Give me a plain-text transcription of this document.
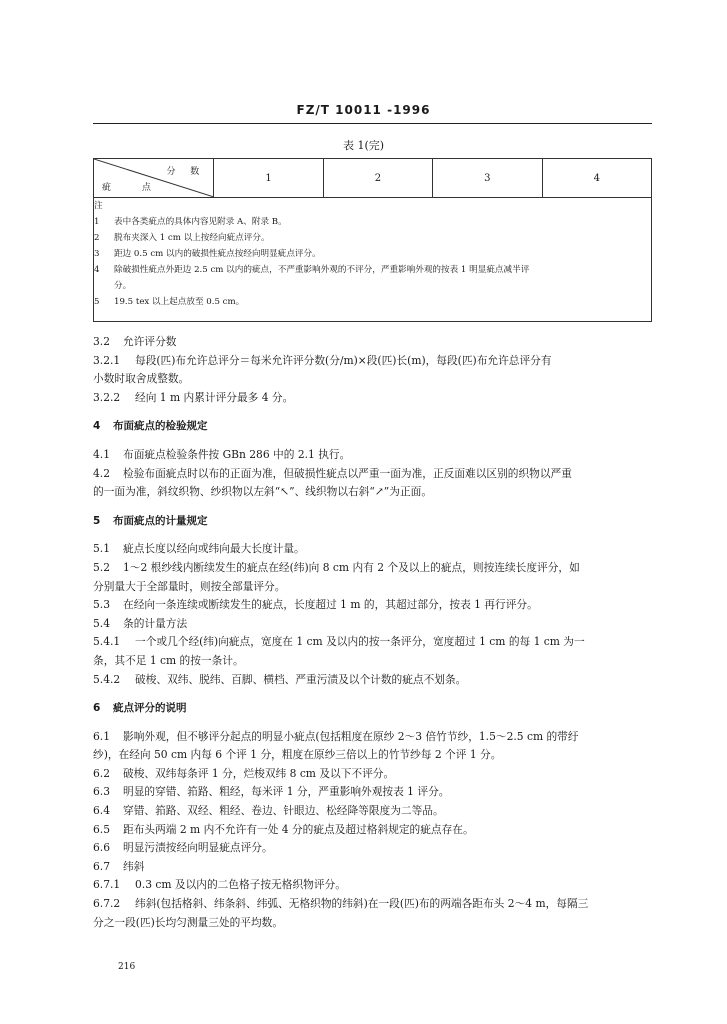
FZ/T 10011 -1996
表 1(完)
分 数
疵 点
	1	2	3	4

注
1 表中各类疵点的具体内容见附录 A、附录 B。
2 脱布夹深入 1 cm 以上按经向疵点评分。
3 距边 0.5 cm 以内的破损性疵点按经向明显疵点评分。
4 除破损性疵点外距边 2.5 cm 以内的疵点，不严重影响外观的不评分，严重影响外观的按表 1 明显疵点减半评
分。
5 19.5 tex 以上起点放至 0.5 cm。

3.2 允许评分数

3.2.1 每段(匹)布允许总评分＝每米允许评分数(分/m)×段(匹)长(m)，每段(匹)布允许总评分有

小数时取舍成整数。

3.2.2 经向 1 m 内累计评分最多 4 分。

4 布面疵点的检验规定

4.1 布面疵点检验条件按 GBn 286 中的 2.1 执行。

4.2 检验布面疵点时以布的正面为准，但破损性疵点以严重一面为准，正反面难以区别的织物以严重

的一面为准，斜纹织物、纱织物以左斜“↖”、线织物以右斜“↗”为正面。

5 布面疵点的计量规定

5.1 疵点长度以经向或纬向最大长度计量。

5.2 1～2 根纱线内断续发生的疵点在经(纬)向 8 cm 内有 2 个及以上的疵点，则按连续长度评分，如

分别量大于全部量时，则按全部量评分。

5.3 在经向一条连续或断续发生的疵点，长度超过 1 m 的，其超过部分，按表 1 再行评分。

5.4 条的计量方法

5.4.1 一个或几个经(纬)向疵点，宽度在 1 cm 及以内的按一条评分，宽度超过 1 cm 的每 1 cm 为一

条，其不足 1 cm 的按一条计。

5.4.2 破梭、双纬、脱纬、百脚、横档、严重污渍及以个计数的疵点不划条。

6 疵点评分的说明

6.1 影响外观，但不够评分起点的明显小疵点(包括粗度在原纱 2～3 倍竹节纱，1.5～2.5 cm 的带纡

纱)，在经向 50 cm 内每 6 个评 1 分，粗度在原纱三倍以上的竹节纱每 2 个评 1 分。

6.2 破梭、双纬每条评 1 分，烂梭双纬 8 cm 及以下不评分。

6.3 明显的穿错、筘路、粗经，每米评 1 分，严重影响外观按表 1 评分。

6.4 穿错、筘路、双经、粗经、卷边、针眼边、松经降等限度为二等品。

6.5 距布头两端 2 m 内不允许有一处 4 分的疵点及超过格斜规定的疵点存在。

6.6 明显污渍按经向明显疵点评分。

6.7 纬斜

6.7.1 0.3 cm 及以内的二色格子按无格织物评分。

6.7.2 纬斜(包括格斜、纬条斜、纬弧、无格织物的纬斜)在一段(匹)布的两端各距布头 2～4 m，每隔三

分之一段(匹)长均匀测量三处的平均数。

216
